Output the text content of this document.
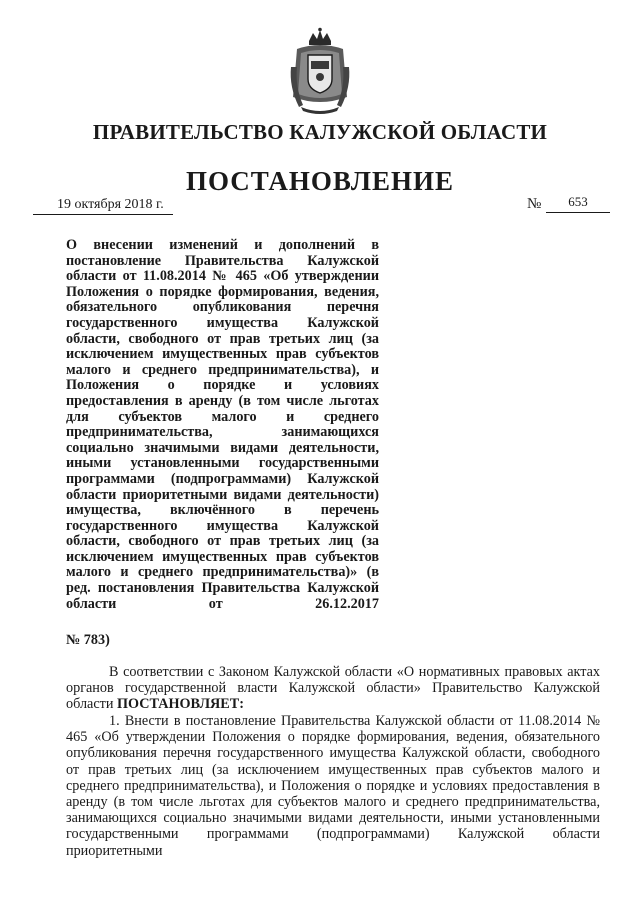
ПРАВИТЕЛЬСТВО КАЛУЖСКОЙ ОБЛАСТИ
ПОСТАНОВЛЕНИЕ
19 октября 2018 г.	№	653
О внесении изменений и дополнений в постановление Правительства Калужской области от 11.08.2014 № 465 «Об утверждении Положения о порядке формирования, ведения, обязательного опубликования перечня государственного имущества Калужской области, свободного от прав третьих лиц (за исключением имущественных прав субъектов малого и среднего предпринимательства), и Положения о порядке и условиях предоставления в аренду (в том числе льготах для субъектов малого и среднего предпринимательства, занимающихся социально значимыми видами деятельности, иными установленными государственными программами (подпрограммами) Калужской области приоритетными видами деятельности) имущества, включённого в перечень государственного имущества Калужской области, свободного от прав третьих лиц (за исключением имущественных прав субъектов малого и среднего предпринимательства)» (в ред. постановления Правительства Калужской области от 26.12.2017
№ 783)
В соответствии с Законом Калужской области «О нормативных правовых актах органов государственной власти Калужской области» Правительство Калужской области ПОСТАНОВЛЯЕТ:
1. Внести в постановление Правительства Калужской области от 11.08.2014 № 465 «Об утверждении Положения о порядке формирования, ведения, обязательного опубликования перечня государственного имущества Калужской области, свободного от прав третьих лиц (за исключением имущественных прав субъектов малого и среднего предпринимательства), и Положения о порядке и условиях предоставления в аренду (в том числе льготах для субъектов малого и среднего предпринимательства, занимающихся социально значимыми видами деятельности, иными установленными государственными программами (подпрограммами) Калужской области приоритетными
